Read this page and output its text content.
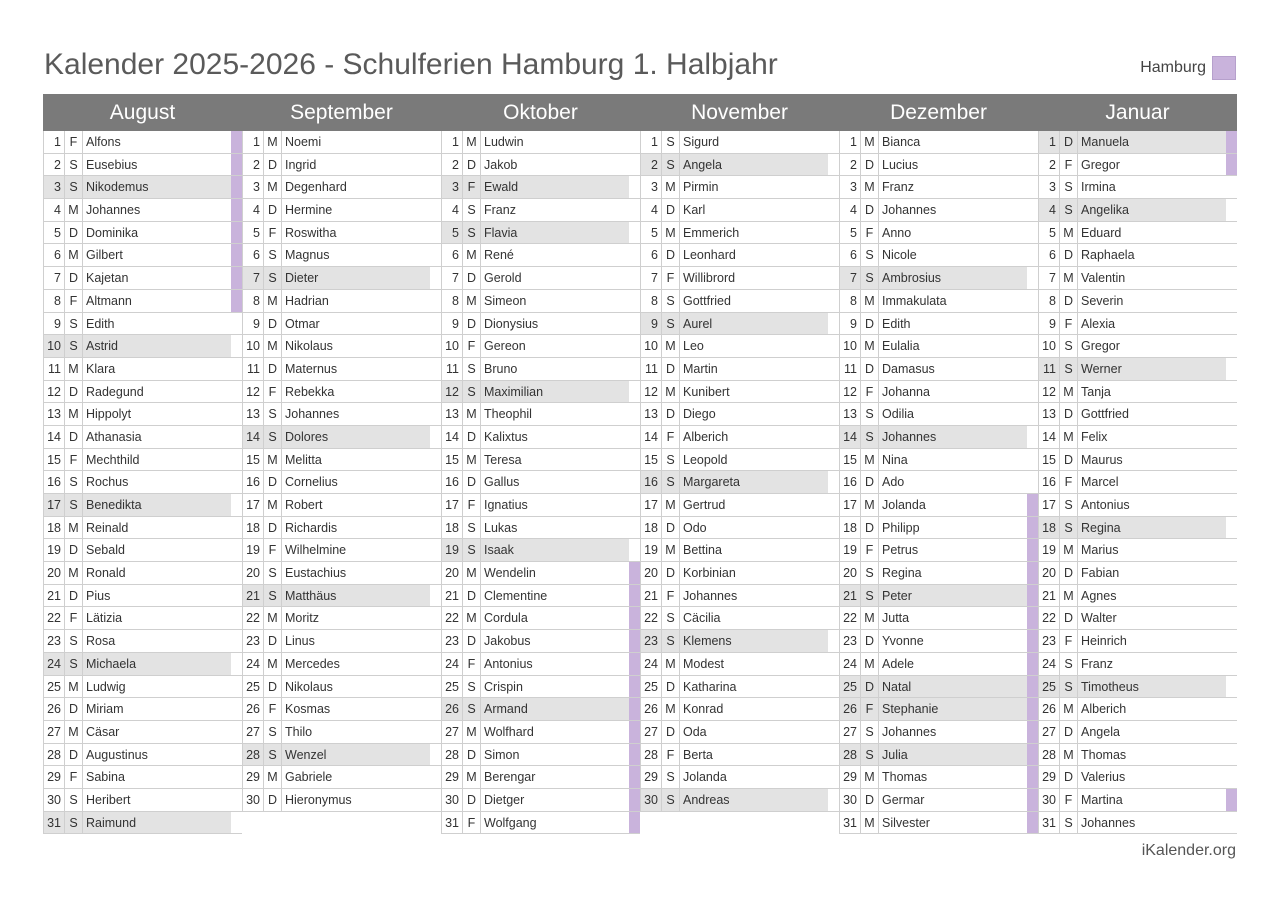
Kalender 2025-2026 - Schulferien Hamburg 1. Halbjahr	Hamburg
August
1 F Alfons
2 S Eusebius
3 S Nikodemus
4 M Johannes
5 D Dominika
6 M Gilbert
7 D Kajetan
8 F Altmann
9 S Edith
10 S Astrid
11 M Klara
12 D Radegund
13 M Hippolyt
14 D Athanasia
15 F Mechthild
16 S Rochus
17 S Benedikta
18 M Reinald
19 D Sebald
20 M Ronald
21 D Pius
22 F Lätizia
23 S Rosa
24 S Michaela
25 M Ludwig
26 D Miriam
27 M Cäsar
28 D Augustinus
29 F Sabina
30 S Heribert
31 S Raimund
September
1 M Noemi
2 D Ingrid
3 M Degenhard
4 D Hermine
5 F Roswitha
6 S Magnus
7 S Dieter
8 M Hadrian
9 D Otmar
10 M Nikolaus
11 D Maternus
12 F Rebekka
13 S Johannes
14 S Dolores
15 M Melitta
16 D Cornelius
17 M Robert
18 D Richardis
19 F Wilhelmine
20 S Eustachius
21 S Matthäus
22 M Moritz
23 D Linus
24 M Mercedes
25 D Nikolaus
26 F Kosmas
27 S Thilo
28 S Wenzel
29 M Gabriele
30 D Hieronymus
Oktober
1 M Ludwin
2 D Jakob
3 F Ewald
4 S Franz
5 S Flavia
6 M René
7 D Gerold
8 M Simeon
9 D Dionysius
10 F Gereon
11 S Bruno
12 S Maximilian
13 M Theophil
14 D Kalixtus
15 M Teresa
16 D Gallus
17 F Ignatius
18 S Lukas
19 S Isaak
20 M Wendelin
21 D Clementine
22 M Cordula
23 D Jakobus
24 F Antonius
25 S Crispin
26 S Armand
27 M Wolfhard
28 D Simon
29 M Berengar
30 D Dietger
31 F Wolfgang
November
1 S Sigurd
2 S Angela
3 M Pirmin
4 D Karl
5 M Emmerich
6 D Leonhard
7 F Willibrord
8 S Gottfried
9 S Aurel
10 M Leo
11 D Martin
12 M Kunibert
13 D Diego
14 F Alberich
15 S Leopold
16 S Margareta
17 M Gertrud
18 D Odo
19 M Bettina
20 D Korbinian
21 F Johannes
22 S Cäcilia
23 S Klemens
24 M Modest
25 D Katharina
26 M Konrad
27 D Oda
28 F Berta
29 S Jolanda
30 S Andreas
Dezember
1 M Bianca
2 D Lucius
3 M Franz
4 D Johannes
5 F Anno
6 S Nicole
7 S Ambrosius
8 M Immakulata
9 D Edith
10 M Eulalia
11 D Damasus
12 F Johanna
13 S Odilia
14 S Johannes
15 M Nina
16 D Ado
17 M Jolanda
18 D Philipp
19 F Petrus
20 S Regina
21 S Peter
22 M Jutta
23 D Yvonne
24 M Adele
25 D Natal
26 F Stephanie
27 S Johannes
28 S Julia
29 M Thomas
30 D Germar
31 M Silvester
Januar
1 D Manuela
2 F Gregor
3 S Irmina
4 S Angelika
5 M Eduard
6 D Raphaela
7 M Valentin
8 D Severin
9 F Alexia
10 S Gregor
11 S Werner
12 M Tanja
13 D Gottfried
14 M Felix
15 D Maurus
16 F Marcel
17 S Antonius
18 S Regina
19 M Marius
20 D Fabian
21 M Agnes
22 D Walter
23 F Heinrich
24 S Franz
25 S Timotheus
26 M Alberich
27 D Angela
28 M Thomas
29 D Valerius
30 F Martina
31 S Johannes
iKalender.org
